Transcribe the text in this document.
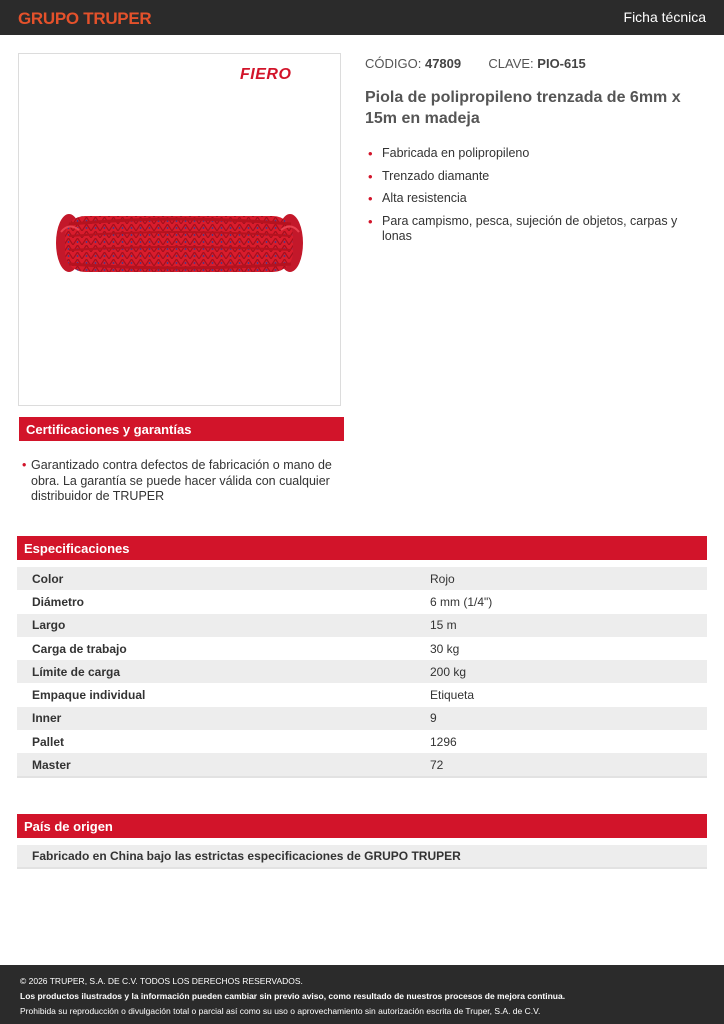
GRUPO TRUPER	Ficha técnica
FIERO
CÓDIGO: 47809 CLAVE: PIO-615
Piola de polipropileno trenzada de 6mm x 15m en madeja
• Fabricada en polipropileno
• Trenzado diamante
• Alta resistencia
• Para campismo, pesca, sujeción de objetos, carpas y lonas
Certificaciones y garantías
• Garantizado contra defectos de fabricación o mano de obra. La garantía se puede hacer válida con cualquier distribuidor de TRUPER
Especificaciones
Color	Rojo
Diámetro	6 mm (1/4")
Largo	15 m
Carga de trabajo	30 kg
Límite de carga	200 kg
Empaque individual	Etiqueta
Inner	9
Pallet	1296
Master	72
País de origen
Fabricado en China bajo las estrictas especificaciones de GRUPO TRUPER
© 2026 TRUPER, S.A. DE C.V. TODOS LOS DERECHOS RESERVADOS.
Los productos ilustrados y la información pueden cambiar sin previo aviso, como resultado de nuestros procesos de mejora continua.
Prohibida su reproducción o divulgación total o parcial así como su uso o aprovechamiento sin autorización escrita de Truper, S.A. de C.V.
